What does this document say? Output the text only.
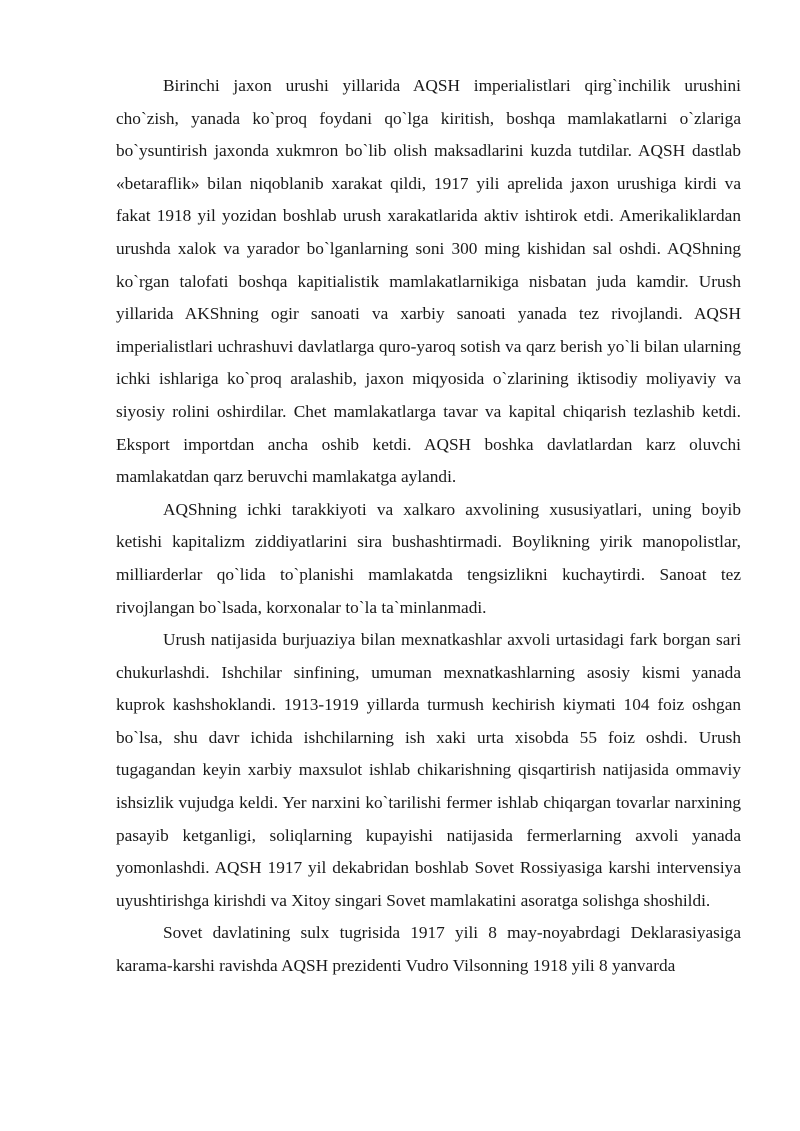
Birinchi jaxon urushi yillarida AQSH imperialistlari qirg`inchilik urushini cho`zish, yanada ko`proq foydani qo`lga kiritish, boshqa mamlakatlarni o`zlariga bo`ysuntirish jaxonda xukmron bo`lib olish maksadlarini kuzda tutdilar. AQSH dastlab «betaraflik» bilan niqoblanib xarakat qildi, 1917 yili aprelida jaxon urushiga kirdi va fakat 1918 yil yozidan boshlab urush xarakatlarida aktiv ishtirok etdi. Amerikaliklardan urushda xalok va yarador bo`lganlarning soni 300 ming kishidan sal oshdi. AQShning ko`rgan talofati boshqa kapitialistik mamlakatlarnikiga nisbatan juda kamdir. Urush yillarida AKShning ogir sanoati va xarbiy sanoati yanada tez rivojlandi. AQSH imperialistlari uchrashuvi davlatlarga quro-yaroq sotish va qarz berish yo`li bilan ularning ichki ishlariga ko`proq aralashib, jaxon miqyosida o`zlarining iktisodiy moliyaviy va siyosiy rolini oshirdilar. Chet mamlakatlarga tavar va kapital chiqarish tezlashib ketdi. Eksport importdan ancha oshib ketdi. AQSH boshka davlatlardan karz oluvchi mamlakatdan qarz beruvchi mamlakatga aylandi.

AQShning ichki tarakkiyoti va xalkaro axvolining xususiyatlari, uning boyib ketishi kapitalizm ziddiyatlarini sira bushashtirmadi. Boylikning yirik manopolistlar, milliarderlar qo`lida to`planishi mamlakatda tengsizlikni kuchaytirdi. Sanoat tez rivojlangan bo`lsada, korxonalar to`la ta`minlanmadi.

Urush natijasida burjuaziya bilan mexnatkashlar axvoli urtasidagi fark borgan sari chukurlashdi. Ishchilar sinfining, umuman mexnatkashlarning asosiy kismi yanada kuprok kashshoklandi. 1913-1919 yillarda turmush kechirish kiymati 104 foiz oshgan bo`lsa, shu davr ichida ishchilarning ish xaki urta xisobda 55 foiz oshdi. Urush tugagandan keyin xarbiy maxsulot ishlab chikarishning qisqartirish natijasida ommaviy ishsizlik vujudga keldi. Yer narxini ko`tarilishi fermer ishlab chiqargan tovarlar narxining pasayib ketganligi, soliqlarning kupayishi natijasida fermerlarning axvoli yanada yomonlashdi. AQSH 1917 yil dekabridan boshlab Sovet Rossiyasiga karshi intervensiya uyushtirishga kirishdi va Xitoy singari Sovet mamlakatini asoratga solishga shoshildi.

Sovet davlatining sulx tugrisida 1917 yili 8 may-noyabrdagi Deklarasiyasiga karama-karshi ravishda AQSH prezidenti Vudro Vilsonning 1918 yili 8 yanvarda
